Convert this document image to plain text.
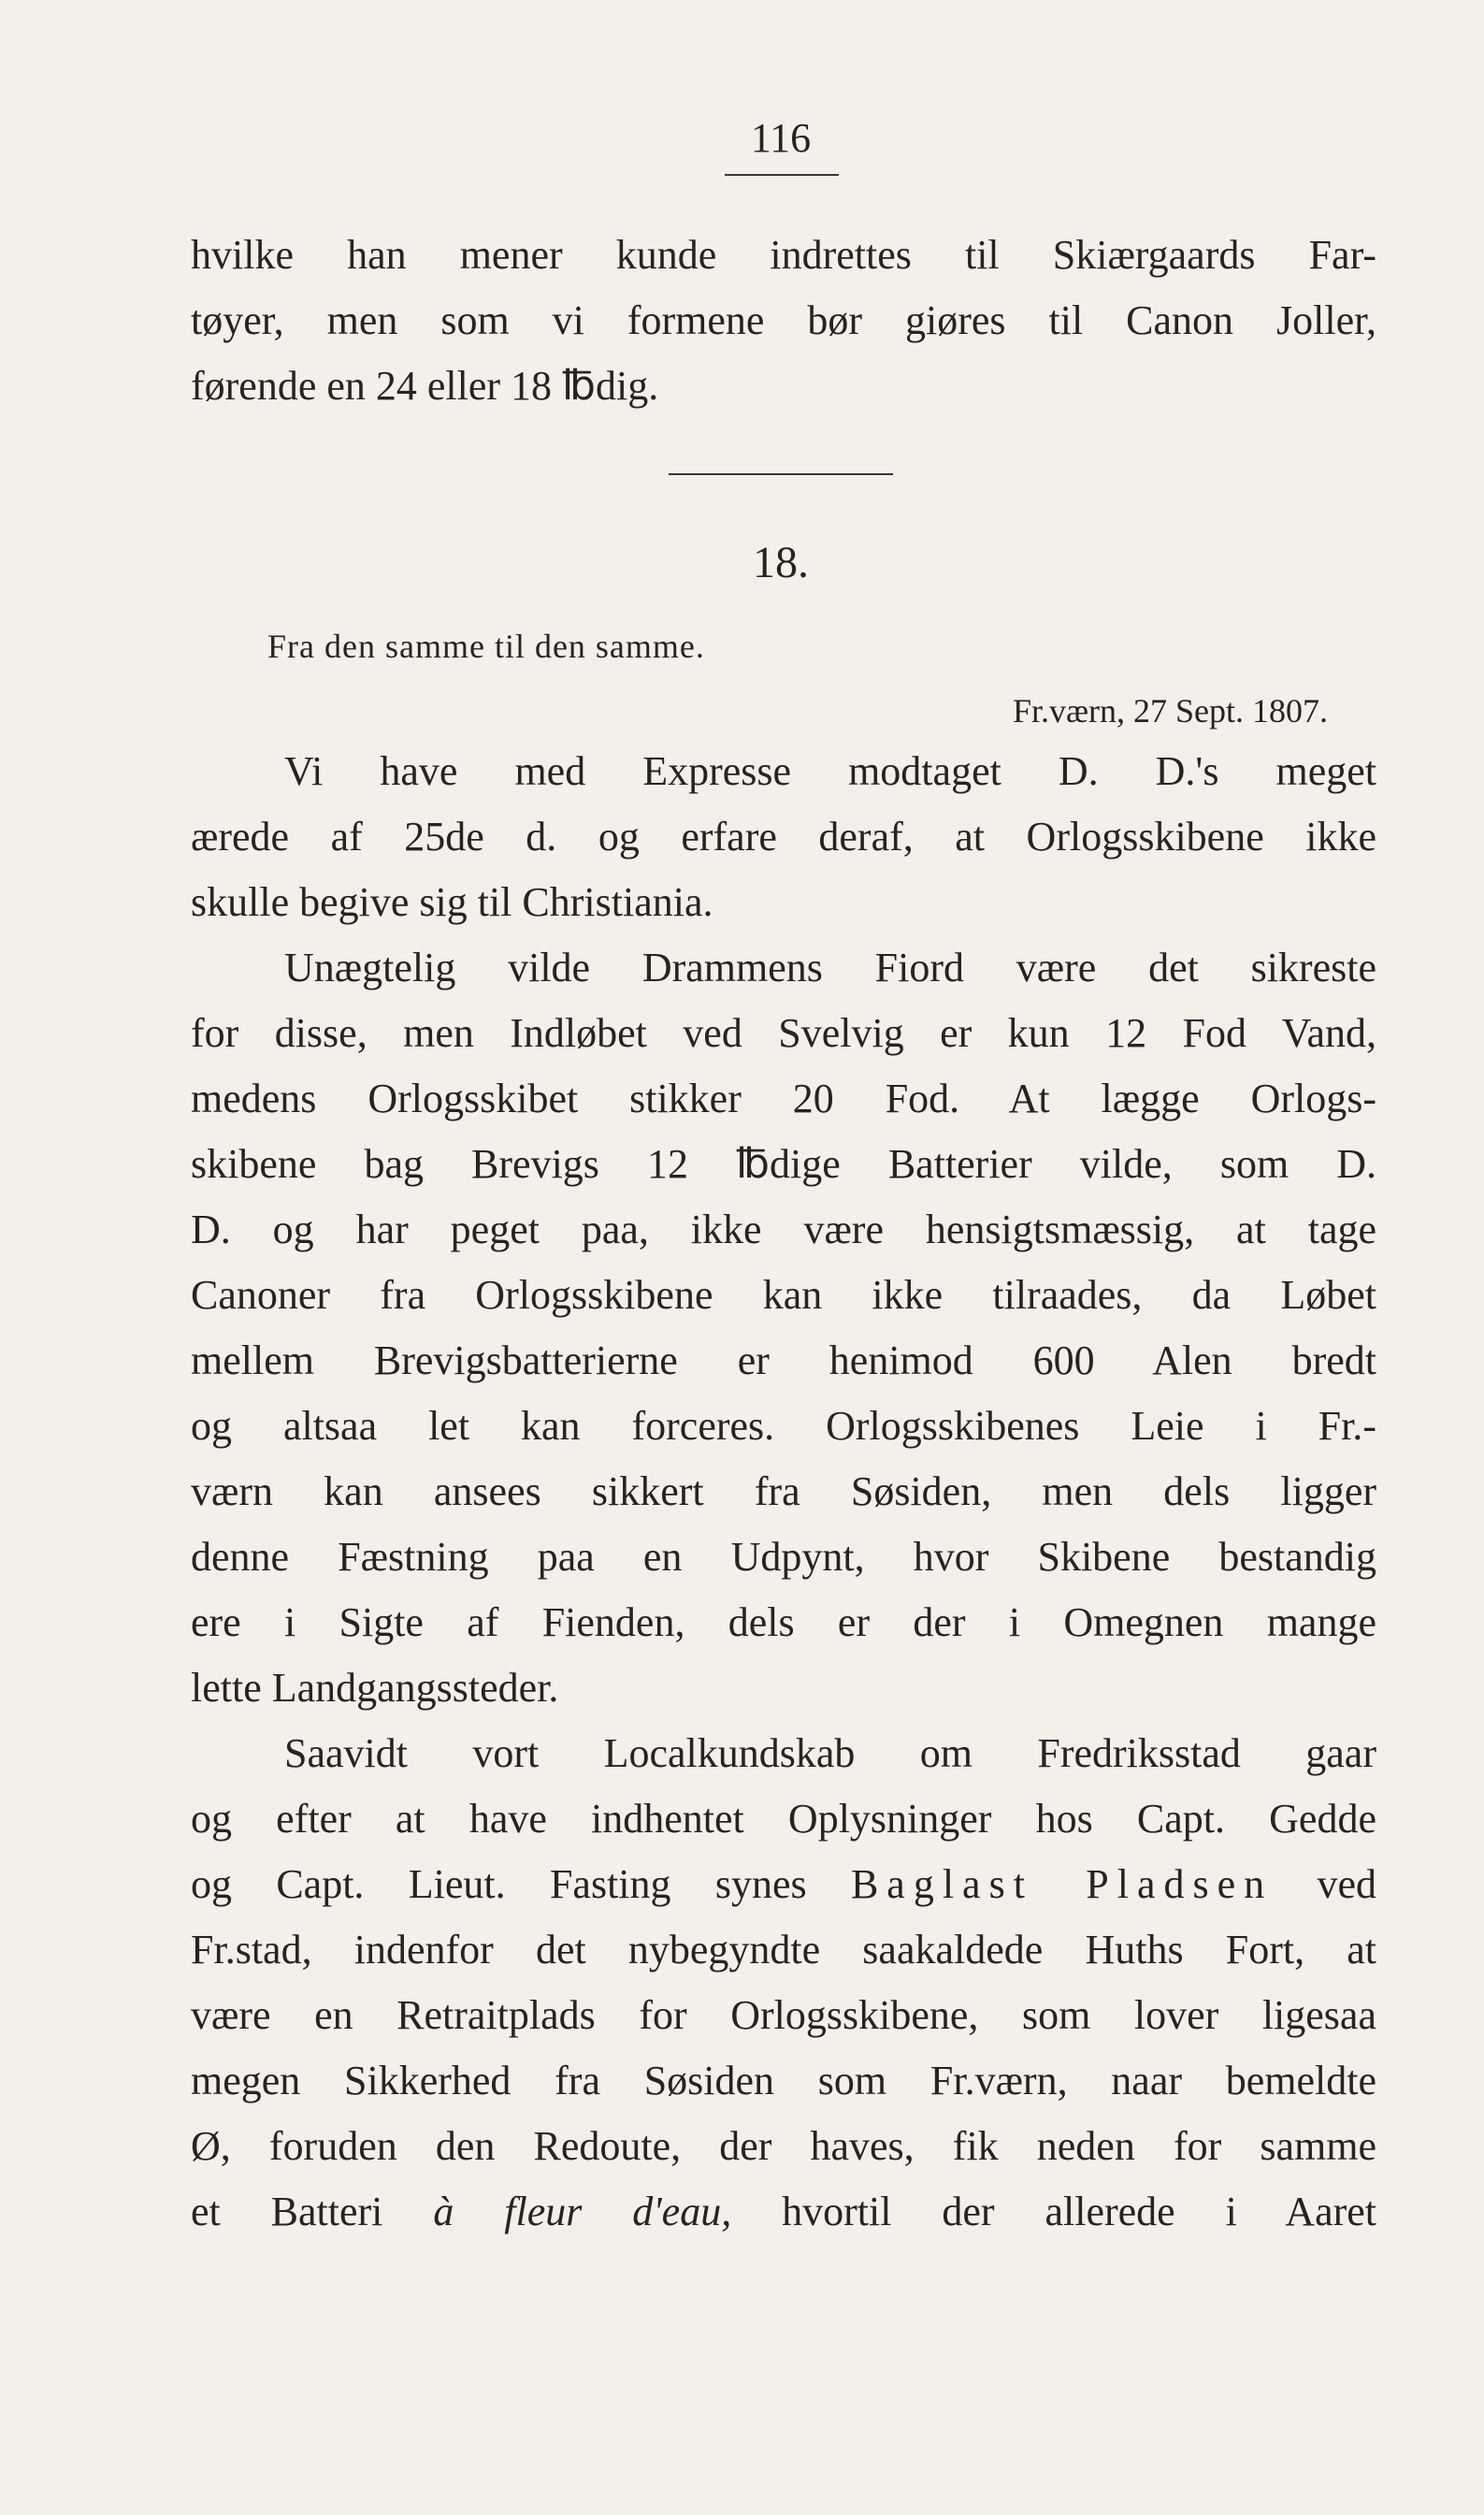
116
hvilke han mener kunde indrettes til Skiærgaards Far-
tøyer, men som vi formene bør giøres til Canon Joller,
førende en 24 eller 18 ℔dig.
18.
Fra den samme til den samme.
Fr.værn, 27 Sept. 1807.
Vi have med Expresse modtaget D. D.'s meget
ærede af 25de d. og erfare deraf, at Orlogsskibene ikke
skulle begive sig til Christiania.
Unægtelig vilde Drammens Fiord være det sikreste
for disse, men Indløbet ved Svelvig er kun 12 Fod Vand,
medens Orlogsskibet stikker 20 Fod. At lægge Orlogs-
skibene bag Brevigs 12 ℔dige Batterier vilde, som D.
D. og har peget paa, ikke være hensigtsmæssig, at tage
Canoner fra Orlogsskibene kan ikke tilraades, da Løbet
mellem Brevigsbatterierne er henimod 600 Alen bredt
og altsaa let kan forceres. Orlogsskibenes Leie i Fr.-
værn kan ansees sikkert fra Søsiden, men dels ligger
denne Fæstning paa en Udpynt, hvor Skibene bestandig
ere i Sigte af Fienden, dels er der i Omegnen mange
lette Landgangssteder.
Saavidt vort Localkundskab om Fredriksstad gaar
og efter at have indhentet Oplysninger hos Capt. Gedde
og Capt. Lieut. Fasting synes Baglast Pladsen ved
Fr.stad, indenfor det nybegyndte saakaldede Huths Fort, at
være en Retraitplads for Orlogsskibene, som lover ligesaa
megen Sikkerhed fra Søsiden som Fr.værn, naar bemeldte
Ø, foruden den Redoute, der haves, fik neden for samme
et Batteri à fleur d'eau, hvortil der allerede i Aaret
